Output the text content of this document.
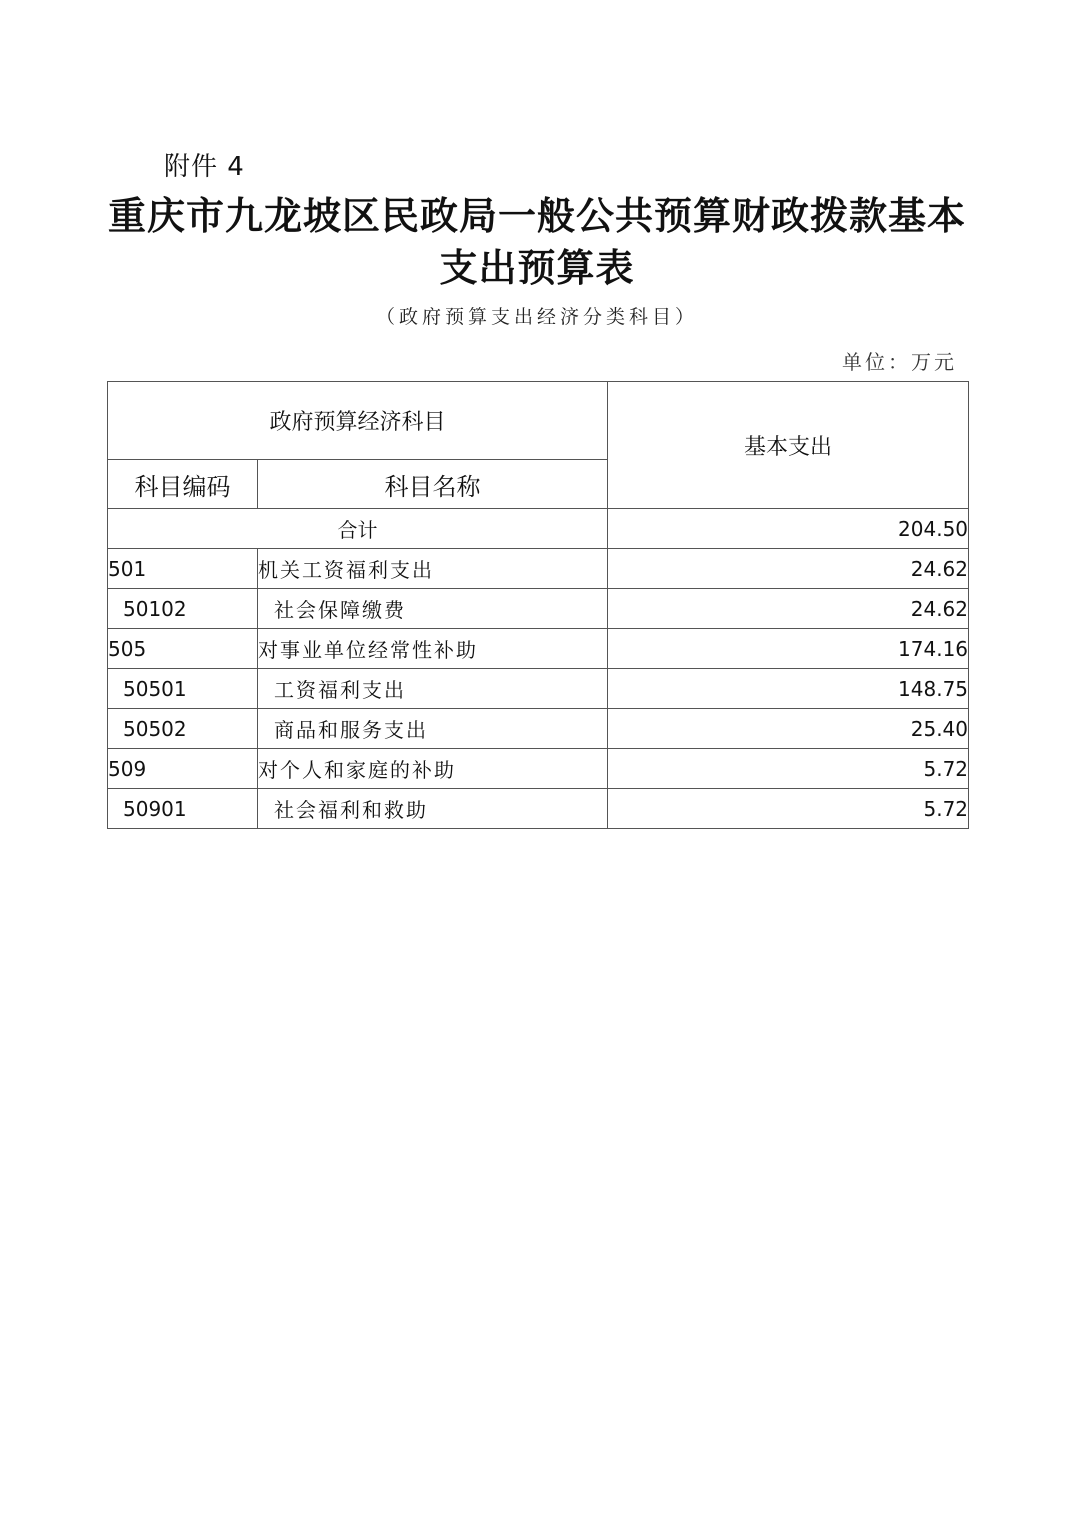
附件 4
重庆市九龙坡区民政局一般公共预算财政拨款基本支出预算表
（政府预算支出经济分类科目）
单位：万元
政府预算经济科目		基本支出
科目编码	科目名称	
合计		204.50
501	机关工资福利支出	24.62
50102	社会保障缴费	24.62
505	对事业单位经常性补助	174.16
50501	工资福利支出	148.75
50502	商品和服务支出	25.40
509	对个人和家庭的补助	5.72
50901	社会福利和救助	5.72
